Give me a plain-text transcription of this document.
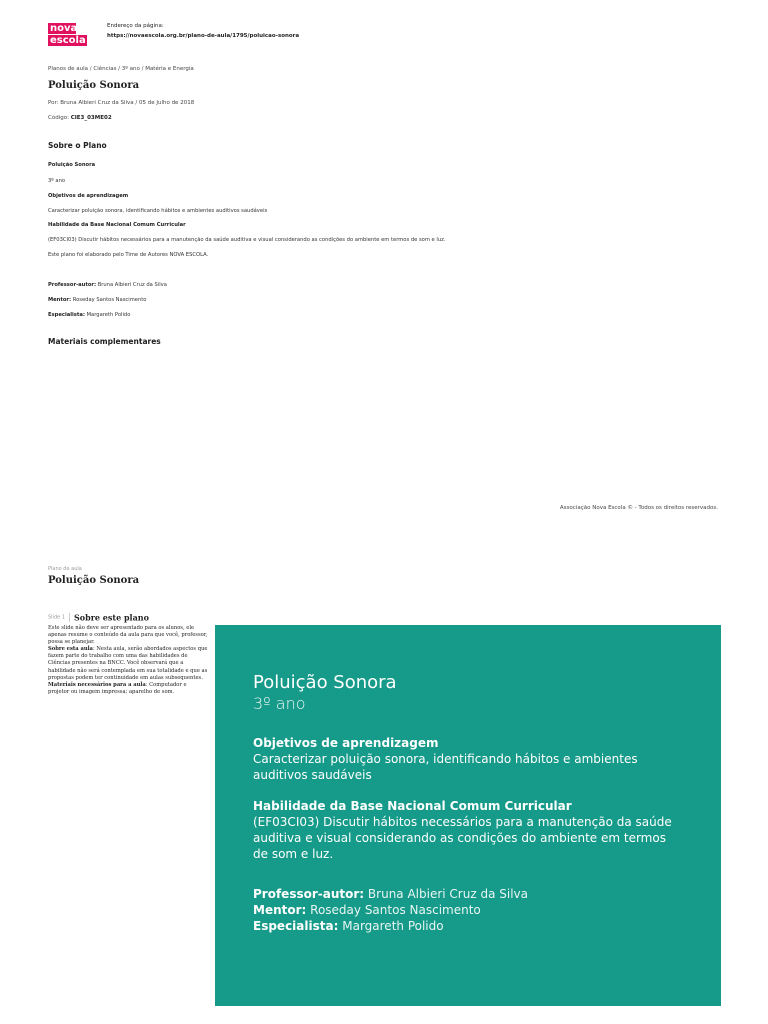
nova
escola
Endereço da página:
https://novaescola.org.br/plano-de-aula/1795/poluicao-sonora
Planos de aula / Ciências / 3º ano / Matéria e Energia
Poluição Sonora
Por: Bruna Albieri Cruz da Silva / 05 de Julho de 2018
Código: CIE3_03ME02
Sobre o Plano
Poluição Sonora
3º ano
Objetivos de aprendizagem
Caracterizar poluição sonora, identificando hábitos e ambientes auditivos saudáveis
Habilidade da Base Nacional Comum Curricular
(EF03CI03) Discutir hábitos necessários para a manutenção da saúde auditiva e visual considerando as condições do ambiente em termos de som e luz.
Este plano foi elaborado pelo Time de Autores NOVA ESCOLA.
Professor-autor: Bruna Albieri Cruz da Silva
Mentor: Roseday Santos Nascimento
Especialista: Margareth Polido
Materiais complementares
Associação Nova Escola © - Todos os direitos reservados.
Plano de aula
Poluição Sonora
Slide 1 Sobre este plano
Este slide não deve ser apresentado para os alunos, ele apenas resume o conteúdo da aula para que você, professor, possa se planejar.
Sobre esta aula: Nesta aula, serão abordados aspectos que fazem parte do trabalho com uma das habilidades de Ciências presentes na BNCC. Você observará que a habilidade não será contemplada em sua totalidade e que as propostas podem ter continuidade em aulas subsequentes.
Materiais necessários para a aula: Computador e projetor ou imagem impressa; aparelho de som.	Poluição Sonora
3º ano
Objetivos de aprendizagem
Caracterizar poluição sonora, identificando hábitos e ambientes auditivos saudáveis
Habilidade da Base Nacional Comum Curricular
(EF03CI03) Discutir hábitos necessários para a manutenção da saúde auditiva e visual considerando as condições do ambiente em termos de som e luz.
Professor-autor: Bruna Albieri Cruz da Silva
Mentor: Roseday Santos Nascimento
Especialista: Margareth Polido
